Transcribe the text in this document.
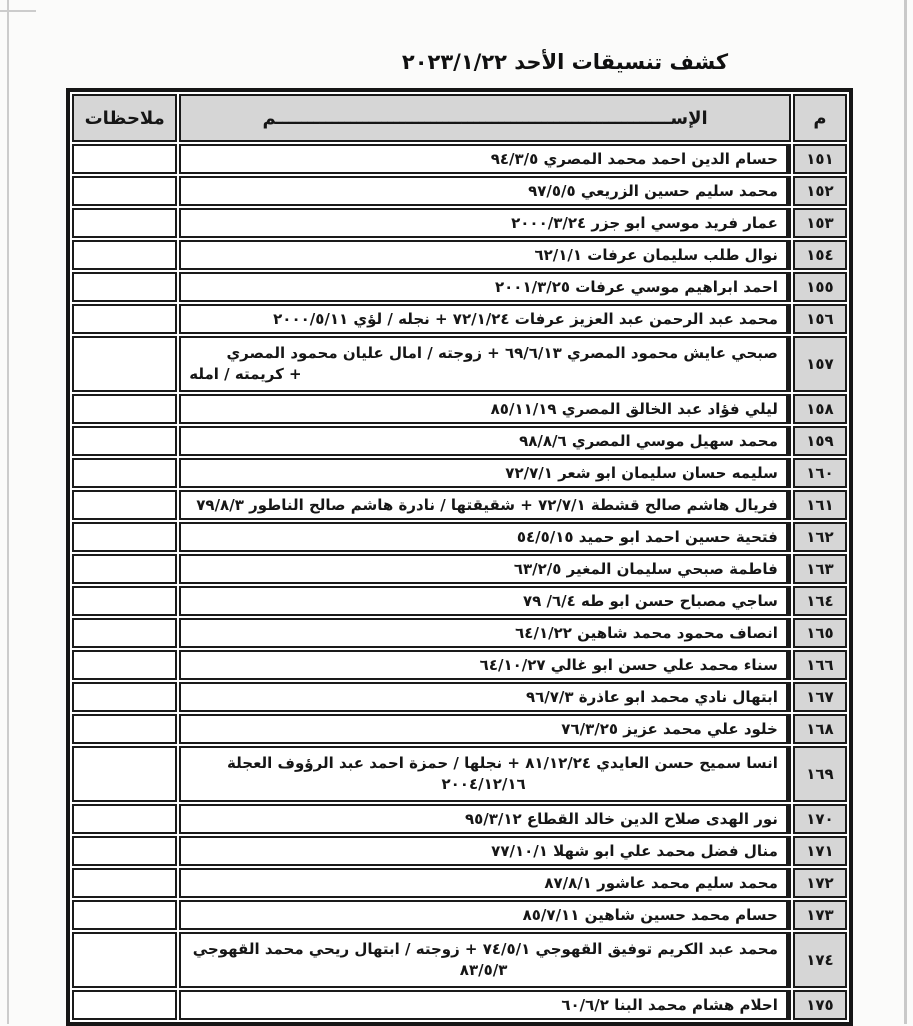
كشف تنسيقات الأحد ٢٠٢٣/١/٢٢
م	الإســــــــــــــــــــــــــــــــــــــــــــــــــــــــــــــــم	ملاحظات
١٥١	حسام الدين احمد محمد المصري ٩٤/٣/٥	
١٥٢	محمد سليم حسين الزريعي ٩٧/٥/٥	
١٥٣	عمار فريد موسي ابو جزر ٢٠٠٠/٣/٢٤	
١٥٤	نوال طلب سليمان عرفات ٦٢/١/١	
١٥٥	احمد ابراهيم موسي عرفات ٢٠٠١/٣/٢٥	
١٥٦	محمد عبد الرحمن عبد العزيز عرفات ٧٢/١/٢٤ + نجله / لؤي ٢٠٠٠/٥/١١	
١٥٧	صبحي عايش محمود المصري ٦٩/٦/١٣ + زوجته / امال عليان محمود المصري
+ كريمته / امله	

١٥٨	ليلي فؤاد عبد الخالق المصري ٨٥/١١/١٩	
١٥٩	محمد سهيل موسي المصري ٩٨/٨/٦	
١٦٠	سليمه حسان سليمان ابو شعر ٧٢/٧/١	
١٦١	فريال هاشم صالح قشطة ٧٢/٧/١ + شقيقتها / نادرة هاشم صالح الناطور ٧٩/٨/٣	
١٦٢	فتحية حسين احمد ابو حميد ٥٤/٥/١٥	
١٦٣	فاطمة صبحي سليمان المغير ٦٣/٢/٥	
١٦٤	ساجي مصباح حسن ابو طه ٦/٤/ ٧٩	
١٦٥	انصاف محمود محمد شاهين ٦٤/١/٢٢	
١٦٦	سناء محمد علي حسن ابو غالي ٦٤/١٠/٢٧	
١٦٧	ابتهال نادي محمد ابو عاذرة ٩٦/٧/٣	
١٦٨	خلود علي محمد عزيز ٧٦/٣/٢٥	
١٦٩	انسا سميح حسن العايدي ٨١/١٢/٢٤ + نجلها / حمزة احمد عبد الرؤوف العجلة
٢٠٠٤/١٢/١٦	

١٧٠	نور الهدى صلاح الدين خالد القطاع ٩٥/٣/١٢	
١٧١	منال فضل محمد علي ابو شهلا ٧٧/١٠/١	
١٧٢	محمد سليم محمد عاشور ٨٧/٨/١	
١٧٣	حسام محمد حسين شاهين ٨٥/٧/١١	
١٧٤	محمد عبد الكريم توفيق القهوجي ٧٤/٥/١ + زوجته / ابتهال ريحي محمد القهوجي
٨٣/٥/٣	

١٧٥	احلام هشام محمد البنا ٦٠/٦/٢	
